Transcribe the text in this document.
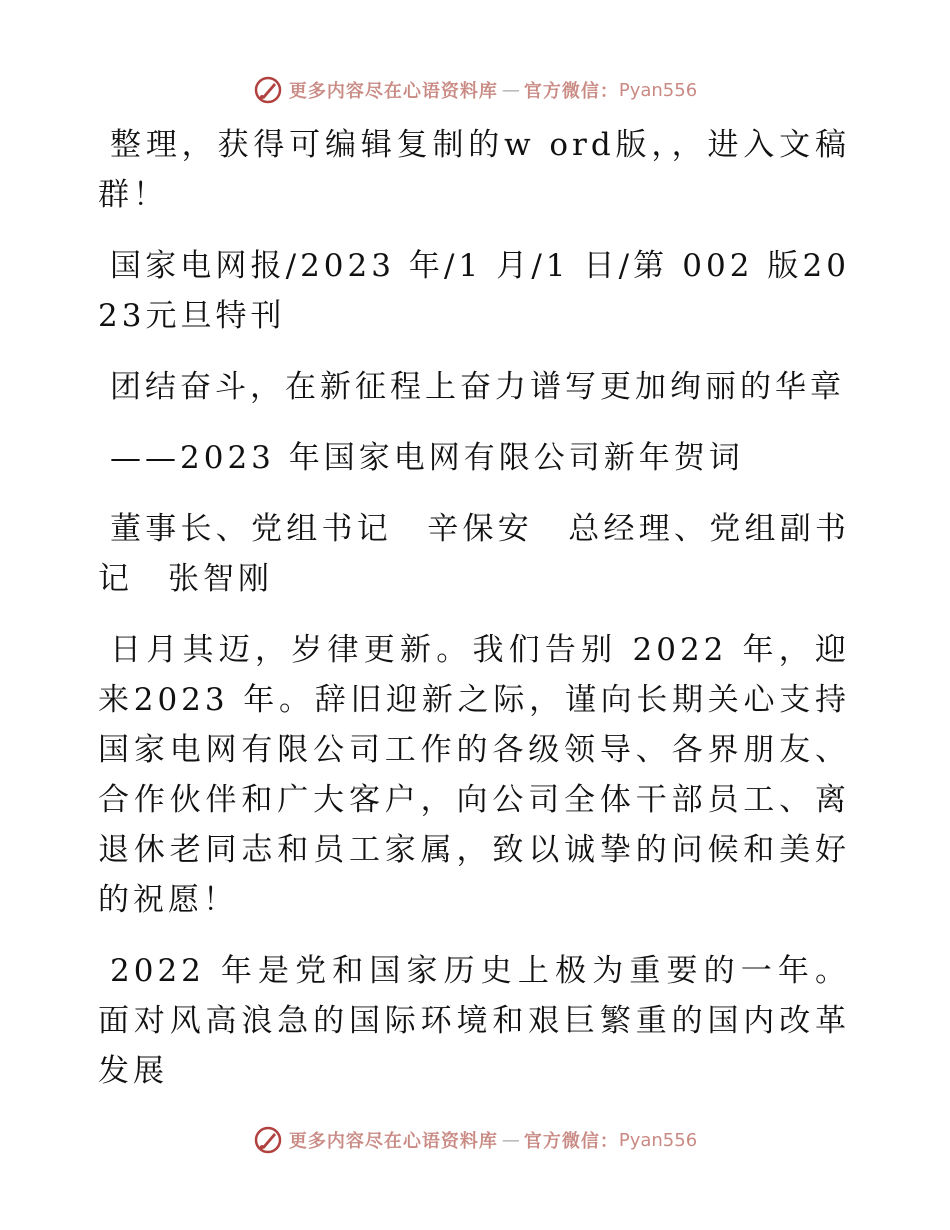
更多内容尽在心语资料库 — 官方微信： Pyan556

整理，获得可编辑复制的w ord版，，进入文稿群！

国家电网报/2023 年/1 月/1 日/第 002 版2023元旦特刊

团结奋斗，在新征程上奋力谱写更加绚丽的华章

——2023 年国家电网有限公司新年贺词

董事长、党组书记　辛保安　总经理、党组副书记　张智刚

日月其迈，岁律更新。我们告别 2022 年，迎来2023 年。辞旧迎新之际，谨向长期关心支持国家电网有限公司工作的各级领导、各界朋友、合作伙伴和广大客户，向公司全体干部员工、离退休老同志和员工家属，致以诚挚的问候和美好的祝愿！

2022 年是党和国家历史上极为重要的一年。 面对风高浪急的国际环境和艰巨繁重的国内改革发展

更多内容尽在心语资料库 — 官方微信： Pyan556
